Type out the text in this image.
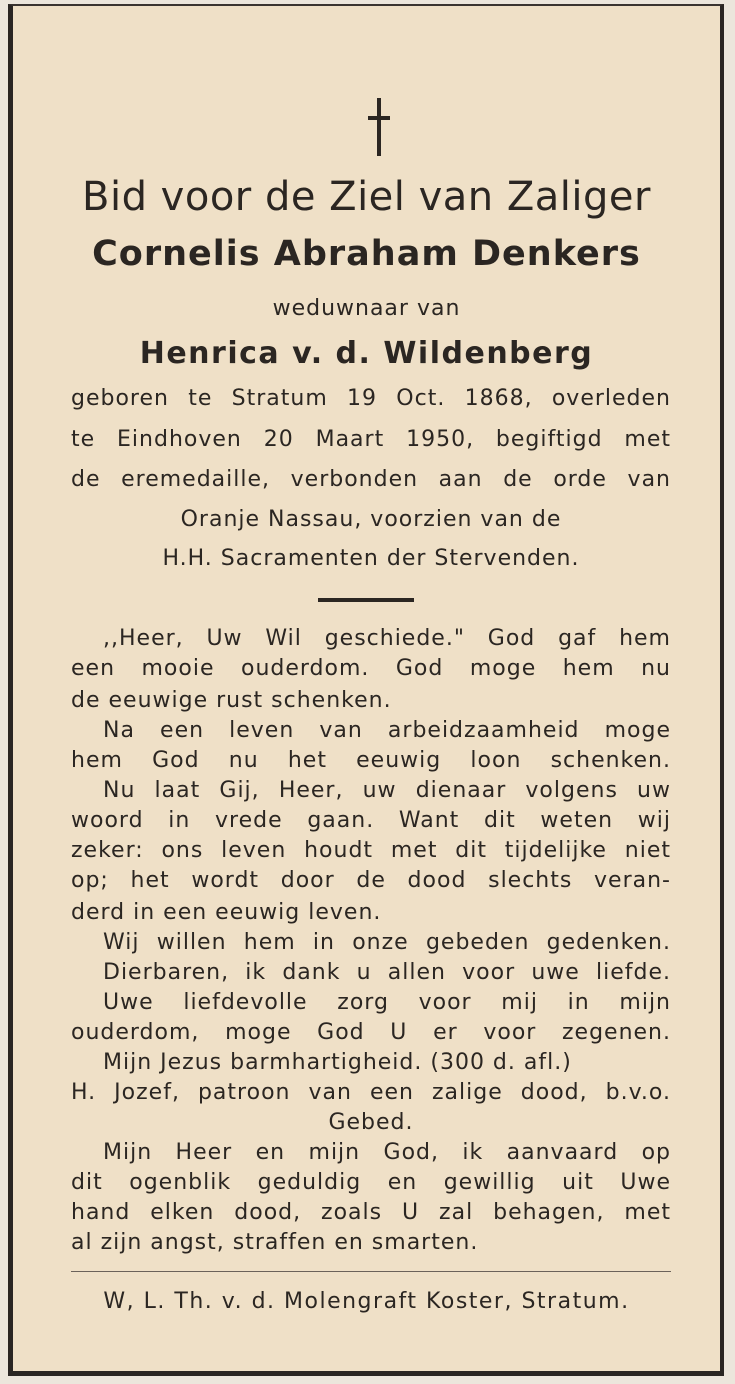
Bid voor de Ziel van Zaliger
Cornelis Abraham Denkers
weduwnaar van
Henrica v. d. Wildenberg
geboren te Stratum 19 Oct. 1868, overleden
te Eindhoven 20 Maart 1950, begiftigd met
de eremedaille, verbonden aan de orde van
Oranje Nassau, voorzien van de
H.H. Sacramenten der Stervenden.
,,Heer, Uw Wil geschiede." God gaf hem
een mooie ouderdom. God moge hem nu
de eeuwige rust schenken.
Na een leven van arbeidzaamheid moge
hem God nu het eeuwig loon schenken.
Nu laat Gij, Heer, uw dienaar volgens uw
woord in vrede gaan. Want dit weten wij
zeker: ons leven houdt met dit tijdelijke niet
op; het wordt door de dood slechts veran-
derd in een eeuwig leven.
Wij willen hem in onze gebeden gedenken.
Dierbaren, ik dank u allen voor uwe liefde.
Uwe liefdevolle zorg voor mij in mijn
ouderdom, moge God U er voor zegenen.
Mijn Jezus barmhartigheid. (300 d. afl.)
H. Jozef, patroon van een zalige dood, b.v.o.
Gebed.
Mijn Heer en mijn God, ik aanvaard op
dit ogenblik geduldig en gewillig uit Uwe
hand elken dood, zoals U zal behagen, met
al zijn angst, straffen en smarten.
W, L. Th. v. d. Molengraft Koster, Stratum.
